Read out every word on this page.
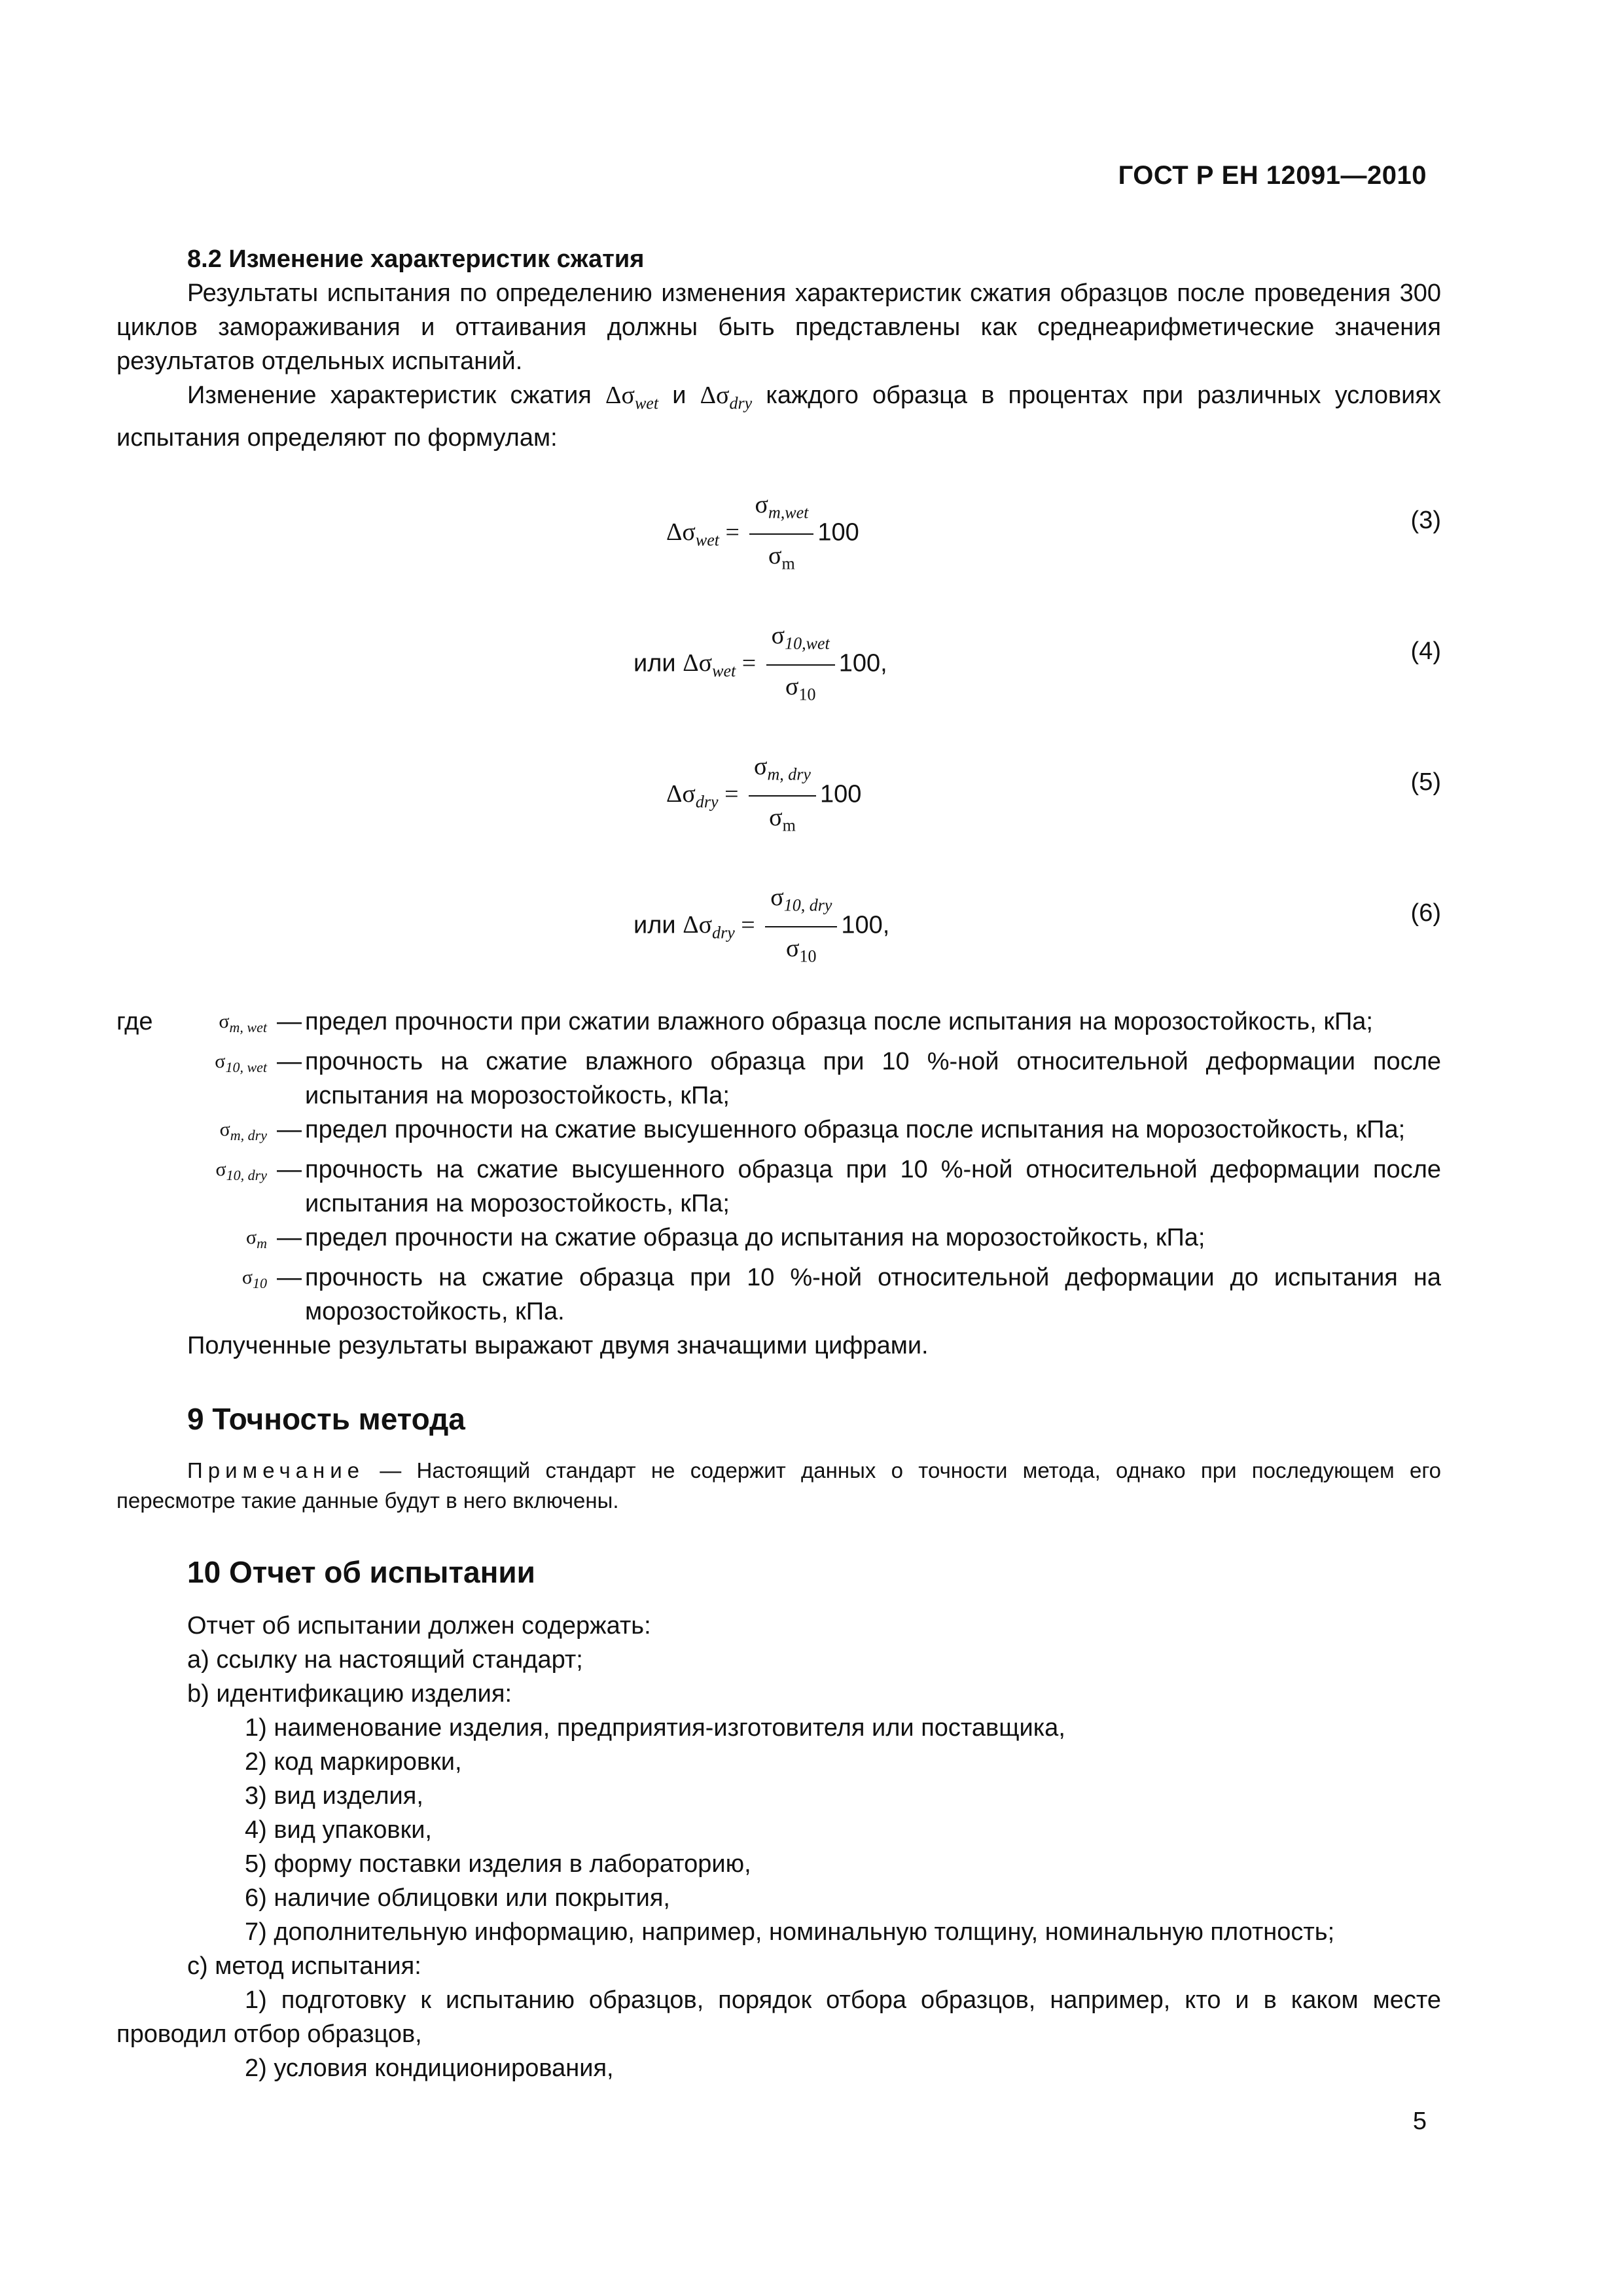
ГОСТ Р ЕН 12091—2010
8.2 Изменение характеристик сжатия

Результаты испытания по определению изменения характеристик сжатия образцов после проведения 300 циклов замораживания и оттаивания должны быть представлены как среднеарифметические значения результатов отдельных испытаний.

Изменение характеристик сжатия $\Delta\sigma_{wet}$ и $\Delta\sigma_{dry}$ каждого образца в процентах при различных условиях испытания определяют по формулам:

$\Delta\sigma_{wet} = \frac{\sigma_{m,wet}}{\sigma_m} 100$	(3)
или $\Delta\sigma_{wet} = \frac{\sigma_{10,wet}}{\sigma_{10}} 100$,	(4)
$\Delta\sigma_{dry} = \frac{\sigma_{m, dry}}{\sigma_m} 100$	(5)
или $\Delta\sigma_{dry} = \frac{\sigma_{10, dry}}{\sigma_{10}} 100$,	(6)
где	$\sigma_{m, wet}$ — предел прочности при сжатии влажного образца после испытания на морозостойкость, кПа;
$\sigma_{10, wet}$ — прочность на сжатие влажного образца при 10 %-ной относительной деформации после испытания на морозостойкость, кПа;
$\sigma_{m, dry}$ — предел прочности на сжатие высушенного образца после испытания на морозостойкость, кПа;
$\sigma_{10, dry}$ — прочность на сжатие высушенного образца при 10 %-ной относительной деформации после испытания на морозостойкость, кПа;
$\sigma_m$ — предел прочности на сжатие образца до испытания на морозостойкость, кПа;
$\sigma_{10}$ — прочность на сжатие образца при 10 %-ной относительной деформации до испытания на морозостойкость, кПа.

Полученные результаты выражают двумя значащими цифрами.

9 Точность метода

Примечание — Настоящий стандарт не содержит данных о точности метода, однако при последующем его пересмотре такие данные будут в него включены.

10 Отчет об испытании

Отчет об испытании должен содержать:

a) ссылку на настоящий стандарт;

b) идентификацию изделия:

1) наименование изделия, предприятия-изготовителя или поставщика,

2) код маркировки,

3) вид изделия,

4) вид упаковки,

5) форму поставки изделия в лабораторию,

6) наличие облицовки или покрытия,

7) дополнительную информацию, например, номинальную толщину, номинальную плотность;

c) метод испытания:

1) подготовку к испытанию образцов, порядок отбора образцов, например, кто и в каком месте проводил отбор образцов,

2) условия кондиционирования,

5
